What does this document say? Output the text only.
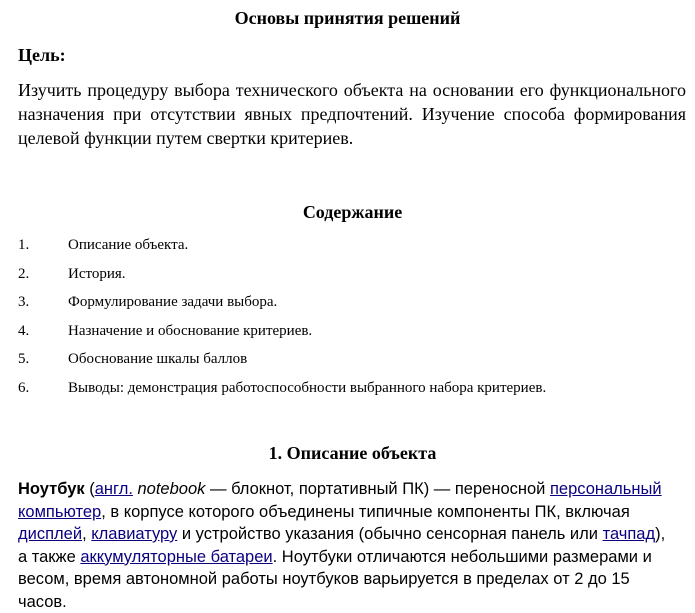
Основы принятия решений
Цель:
Изучить процедуру выбора технического объекта на основании его функционального назначения при отсутствии явных предпочтений. Изучение способа формирования целевой функции путем свертки критериев.
Содержание
1.	Описание объекта.
2.	История.
3.	Формулирование задачи выбора.
4.	Назначение и обоснование критериев.
5.	Обоснование шкалы баллов
6.	Выводы: демонстрация работоспособности выбранного набора критериев.
1. Описание объекта

Ноутбук (англ. notebook — блокнот, портативный ПК) — переносной персональный компьютер, в корпусе которого объединены типичные компоненты ПК, включая дисплей, клавиатуру и устройство указания (обычно сенсорная панель или тачпад), а также аккумуляторные батареи. Ноутбуки отличаются небольшими размерами и весом, время автономной работы ноутбуков варьируется в пределах от 2 до 15 часов.
